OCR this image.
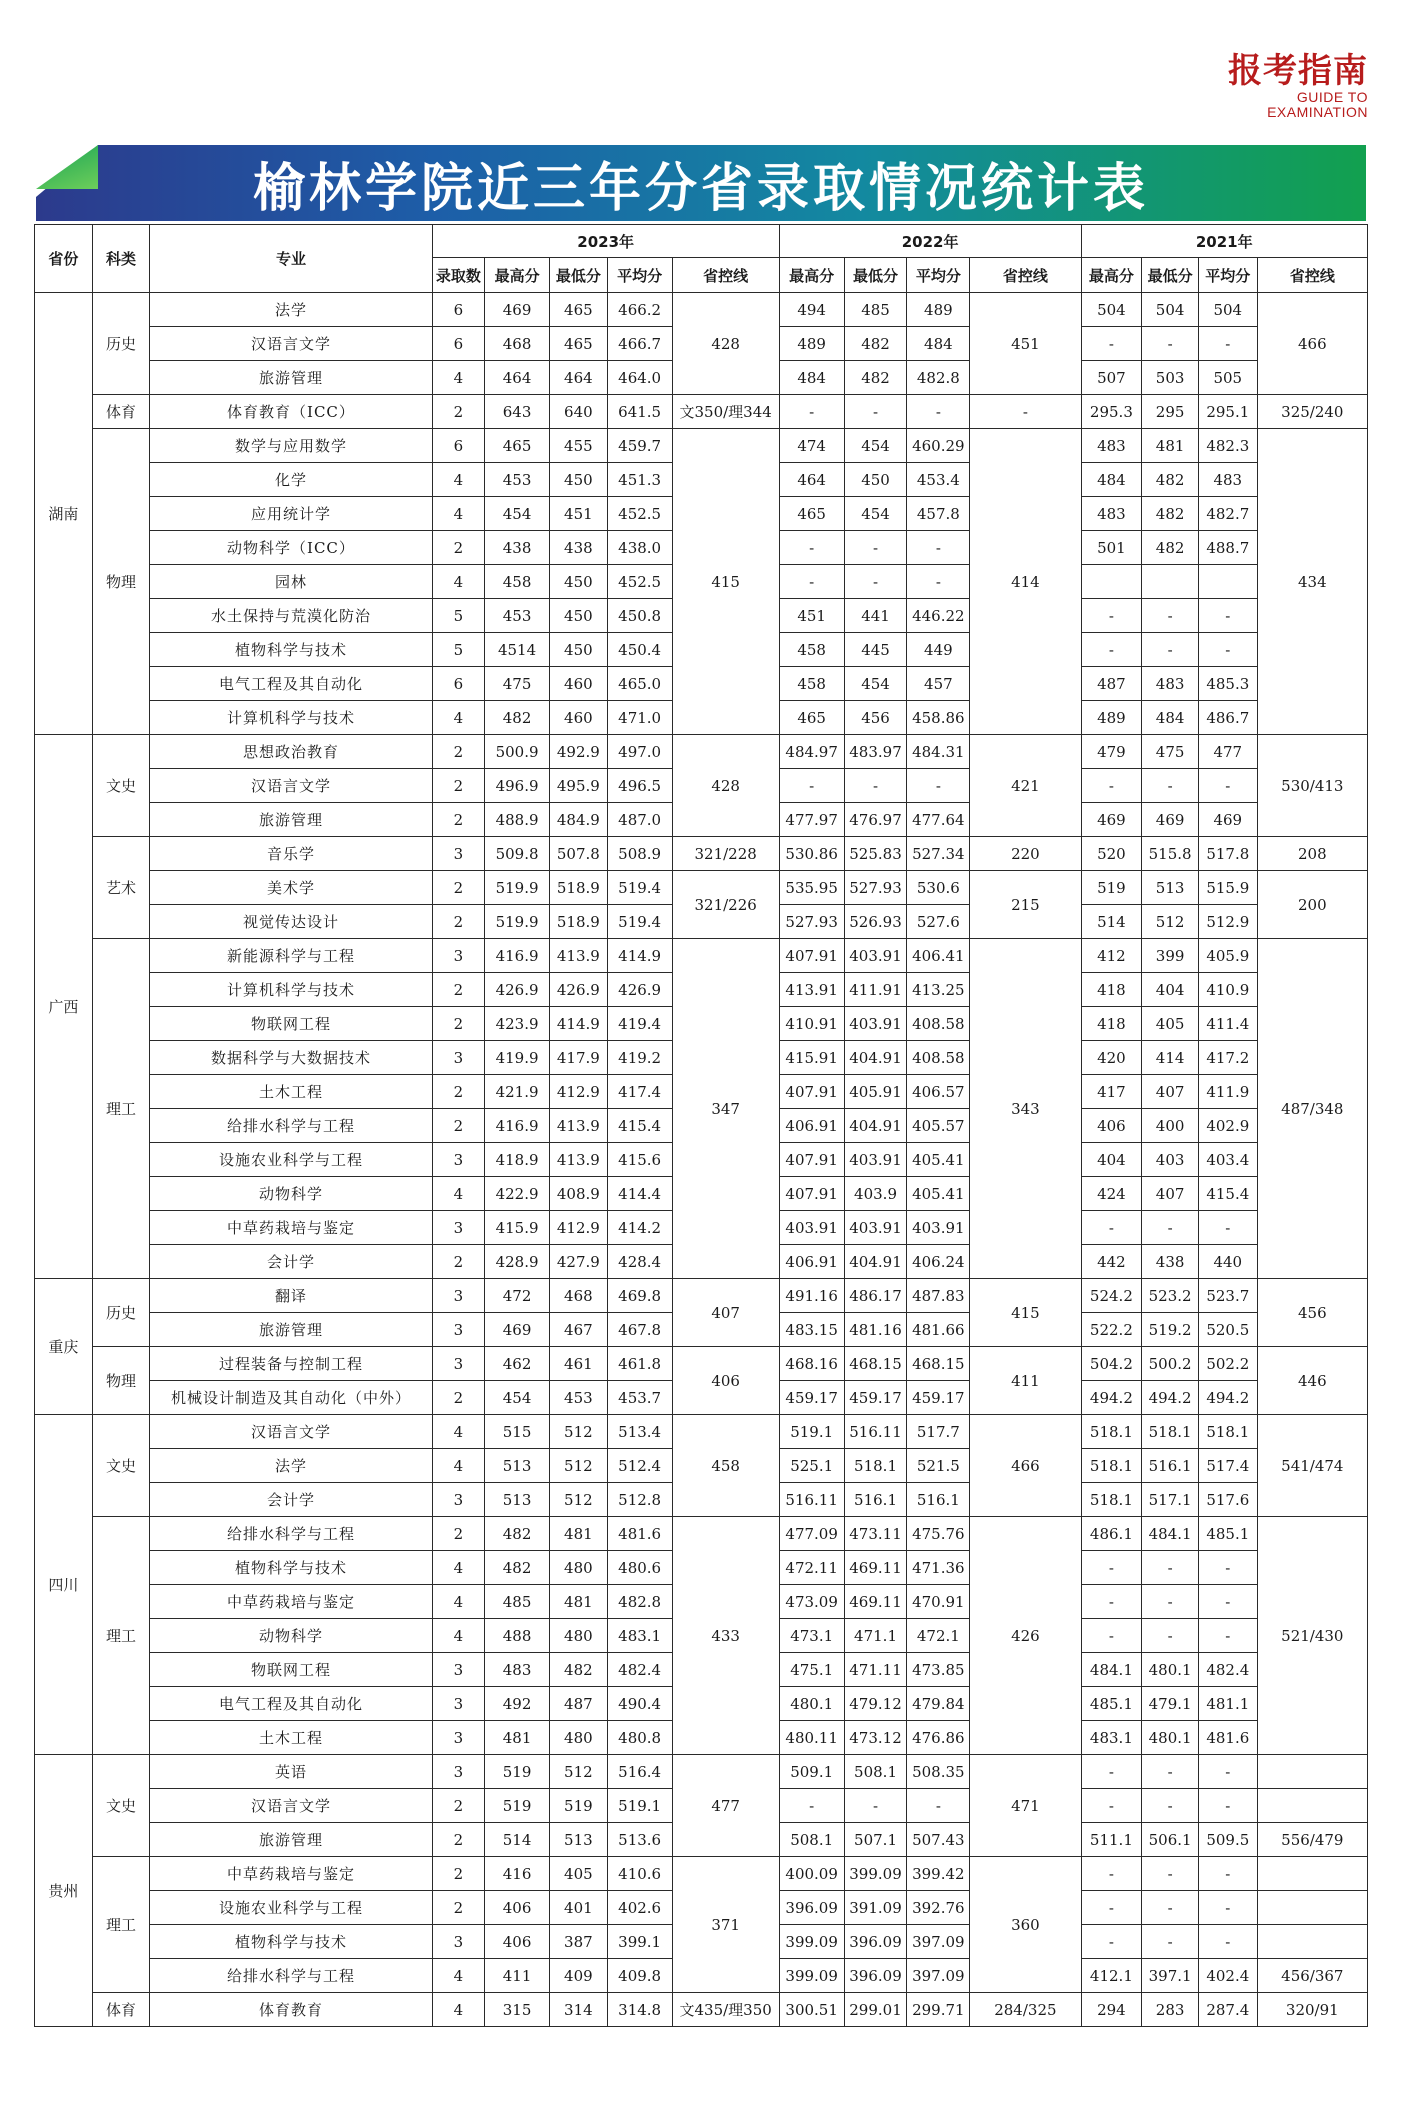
报考指南
GUIDE TO
EXAMINATION
榆林学院近三年分省录取情况统计表
省份	科类	专业	2023年					2022年				2021年			
			录取数	最高分	最低分	平均分	省控线	最高分	最低分	平均分	省控线	最高分	最低分	平均分	省控线
湖南	历史	法学	6	469	465	466.2	428	494	485	489	451	504	504	504	466
		汉语言文学	6	468	465	466.7		489	482	484		-	-	-	
		旅游管理	4	464	464	464.0		484	482	482.8		507	503	505	
	体育	体育教育（ICC）	2	643	640	641.5	文350/理344	-	-	-	-	295.3	295	295.1	325/240
	物理	数学与应用数学	6	465	455	459.7	415	474	454	460.29	414	483	481	482.3	434
		化学	4	453	450	451.3		464	450	453.4		484	482	483	
		应用统计学	4	454	451	452.5		465	454	457.8		483	482	482.7	
		动物科学（ICC）	2	438	438	438.0		-	-	-		501	482	488.7	
		园林	4	458	450	452.5		-	-	-					
		水土保持与荒漠化防治	5	453	450	450.8		451	441	446.22		-	-	-	
		植物科学与技术	5	4514	450	450.4		458	445	449		-	-	-	
		电气工程及其自动化	6	475	460	465.0		458	454	457		487	483	485.3	
		计算机科学与技术	4	482	460	471.0		465	456	458.86		489	484	486.7	
广西	文史	思想政治教育	2	500.9	492.9	497.0	428	484.97	483.97	484.31	421	479	475	477	530/413
		汉语言文学	2	496.9	495.9	496.5		-	-	-		-	-	-	
		旅游管理	2	488.9	484.9	487.0		477.97	476.97	477.64		469	469	469	
	艺术	音乐学	3	509.8	507.8	508.9	321/228	530.86	525.83	527.34	220	520	515.8	517.8	208
		美术学	2	519.9	518.9	519.4	321/226	535.95	527.93	530.6	215	519	513	515.9	200
		视觉传达设计	2	519.9	518.9	519.4		527.93	526.93	527.6		514	512	512.9	
	理工	新能源科学与工程	3	416.9	413.9	414.9	347	407.91	403.91	406.41	343	412	399	405.9	487/348
		计算机科学与技术	2	426.9	426.9	426.9		413.91	411.91	413.25		418	404	410.9	
		物联网工程	2	423.9	414.9	419.4		410.91	403.91	408.58		418	405	411.4	
		数据科学与大数据技术	3	419.9	417.9	419.2		415.91	404.91	408.58		420	414	417.2	
		土木工程	2	421.9	412.9	417.4		407.91	405.91	406.57		417	407	411.9	
		给排水科学与工程	2	416.9	413.9	415.4		406.91	404.91	405.57		406	400	402.9	
		设施农业科学与工程	3	418.9	413.9	415.6		407.91	403.91	405.41		404	403	403.4	
		动物科学	4	422.9	408.9	414.4		407.91	403.9	405.41		424	407	415.4	
		中草药栽培与鉴定	3	415.9	412.9	414.2		403.91	403.91	403.91		-	-	-	
		会计学	2	428.9	427.9	428.4		406.91	404.91	406.24		442	438	440	
重庆	历史	翻译	3	472	468	469.8	407	491.16	486.17	487.83	415	524.2	523.2	523.7	456
		旅游管理	3	469	467	467.8		483.15	481.16	481.66		522.2	519.2	520.5	
	物理	过程装备与控制工程	3	462	461	461.8	406	468.16	468.15	468.15	411	504.2	500.2	502.2	446
		机械设计制造及其自动化（中外）	2	454	453	453.7		459.17	459.17	459.17		494.2	494.2	494.2	
四川	文史	汉语言文学	4	515	512	513.4	458	519.1	516.11	517.7	466	518.1	518.1	518.1	541/474
		法学	4	513	512	512.4		525.1	518.1	521.5		518.1	516.1	517.4	
		会计学	3	513	512	512.8		516.11	516.1	516.1		518.1	517.1	517.6	
	理工	给排水科学与工程	2	482	481	481.6	433	477.09	473.11	475.76	426	486.1	484.1	485.1	521/430
		植物科学与技术	4	482	480	480.6		472.11	469.11	471.36		-	-	-	
		中草药栽培与鉴定	4	485	481	482.8		473.09	469.11	470.91		-	-	-	
		动物科学	4	488	480	483.1		473.1	471.1	472.1		-	-	-	
		物联网工程	3	483	482	482.4		475.1	471.11	473.85		484.1	480.1	482.4	
		电气工程及其自动化	3	492	487	490.4		480.1	479.12	479.84		485.1	479.1	481.1	
		土木工程	3	481	480	480.8		480.11	473.12	476.86		483.1	480.1	481.6	
贵州	文史	英语	3	519	512	516.4	477	509.1	508.1	508.35	471	-	-	-	
		汉语言文学	2	519	519	519.1		-	-	-		-	-	-	
		旅游管理	2	514	513	513.6		508.1	507.1	507.43		511.1	506.1	509.5	556/479
	理工	中草药栽培与鉴定	2	416	405	410.6	371	400.09	399.09	399.42	360	-	-	-	
		设施农业科学与工程	2	406	401	402.6		396.09	391.09	392.76		-	-	-	
		植物科学与技术	3	406	387	399.1		399.09	396.09	397.09		-	-	-	
		给排水科学与工程	4	411	409	409.8		399.09	396.09	397.09		412.1	397.1	402.4	456/367
	体育	体育教育	4	315	314	314.8	文435/理350	300.51	299.01	299.71	284/325	294	283	287.4	320/91
